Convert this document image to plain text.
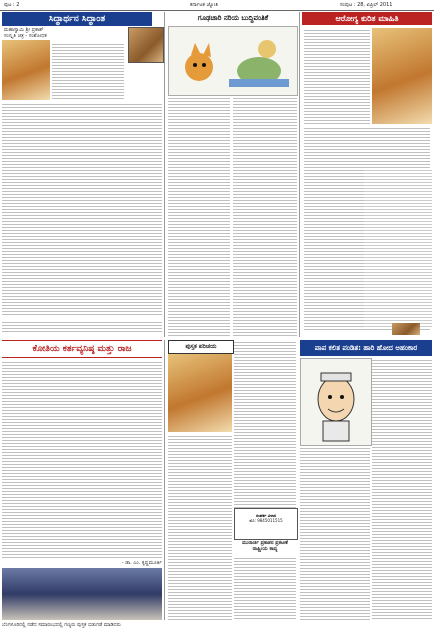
ಪುಟ : 2	ಕರ್ನಾಟಕ ಜ್ಯೋತಿ	ಸಂಪುಟ : 28, ಏಪ್ರಿಲ್ 2011
ಸಿದ್ಧಾರ್ಥನ ಸಿದ್ಧಾಂತ
ಮಹಾಸ್ವಾಮಿ ಶ್ರೀ ಪ್ರಕಾಶ್
ಸಂಸ್ಕೃತಿ ಚಿತ್ರ - ಸಂಶೋಧಕ
ಗೂಢಚಾರಿ ನರಿಯ ಬುದ್ಧಿವಂತಿಕೆ	ಆರೋಗ್ಯ ಕುರಿತ ಮಾಹಿತಿ
ಕೋತಿಯ ಕರ್ತವ್ಯನಿಷ್ಠ ಮತ್ತು ರಾಜ
- ಡಾ. ಎಂ. ಕೃಷ್ಣಮೂರ್ತಿ
ಬೆಂಗಳೂರಿನಲ್ಲಿ ನಡೆದ ಸಮಾರಂಭದಲ್ಲಿ ಗಣ್ಯರು ಪುಸ್ತಕ ಬಿಡುಗಡೆ ಮಾಡಿದರು
ಪುಸ್ತಕ ಪರಿಚಯ
ಸಂಪರ್ಕ ವಿಳಾಸ
ಮೊ: 9845011515
ಮುರಾರ್ಜಿ ಪ್ರಕಾಶನ ಪ್ರಕಟಣೆ
ರಾಷ್ಟ್ರೀಯ ಕಾವ್ಯ
ಪಾಪ ಕಲಿತ ಪಂಡಿತ: ಹಾರಿ ಹೋದ ಅಹಂಕಾರ
